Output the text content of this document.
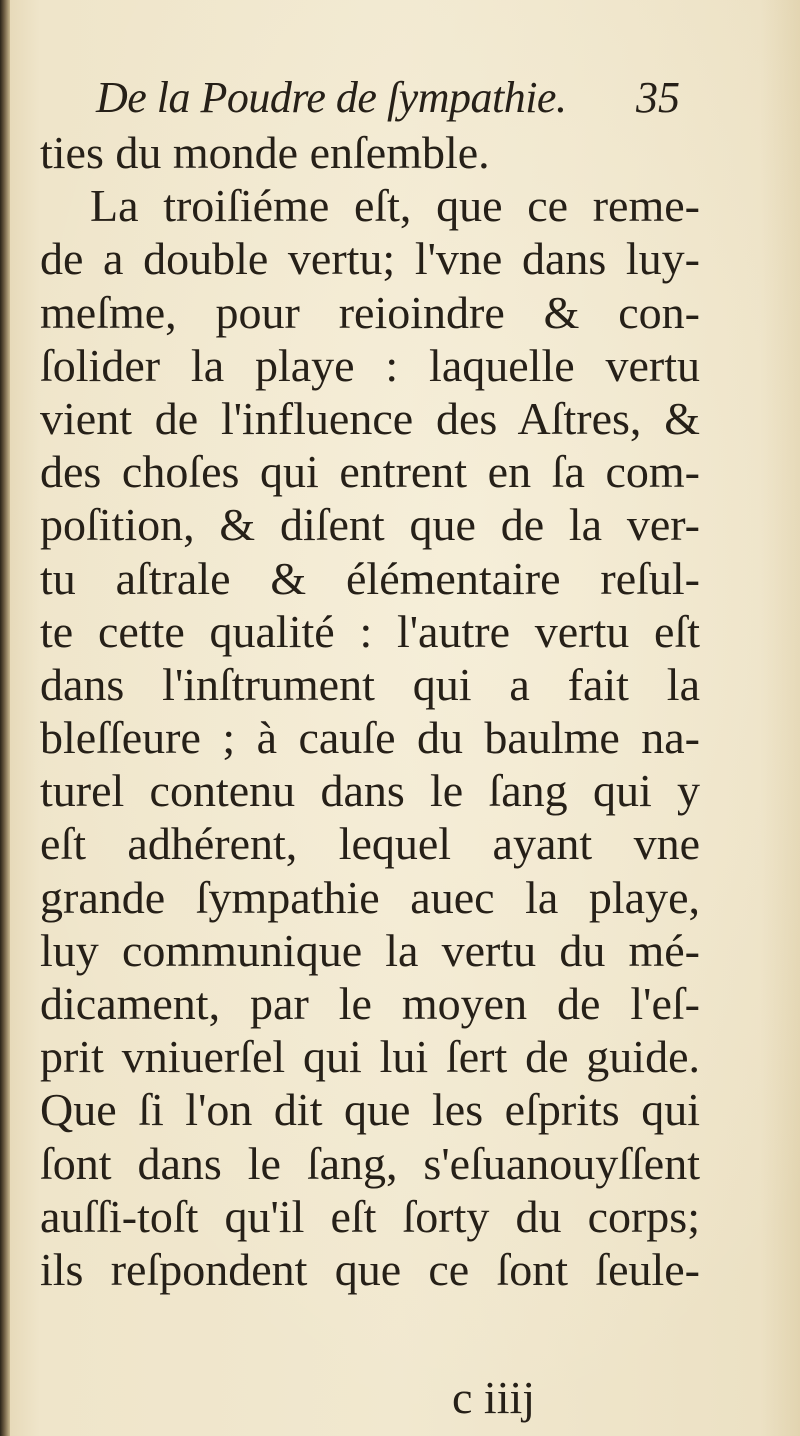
De la Poudre de ſympathie. 35
ties du monde enſemble.
La troiſiéme eſt, que ce reme-
de a double vertu; l'vne dans luy-
meſme, pour reioindre & con-
ſolider la playe : laquelle vertu
vient de l'influence des Aſtres, &
des choſes qui entrent en ſa com-
poſition, & diſent que de la ver-
tu aſtrale & élémentaire reſul-
te cette qualité : l'autre vertu eſt
dans l'inſtrument qui a fait la
bleſſeure ; à cauſe du baulme na-
turel contenu dans le ſang qui y
eſt adhérent, lequel ayant vne
grande ſympathie auec la playe,
luy communique la vertu du mé-
dicament, par le moyen de l'eſ-
prit vniuerſel qui lui ſert de guide.
Que ſi l'on dit que les eſprits qui
ſont dans le ſang, s'eſuanouyſſent
auſſi-toſt qu'il eſt ſorty du corps;
ils reſpondent que ce ſont ſeule-
c iiij
